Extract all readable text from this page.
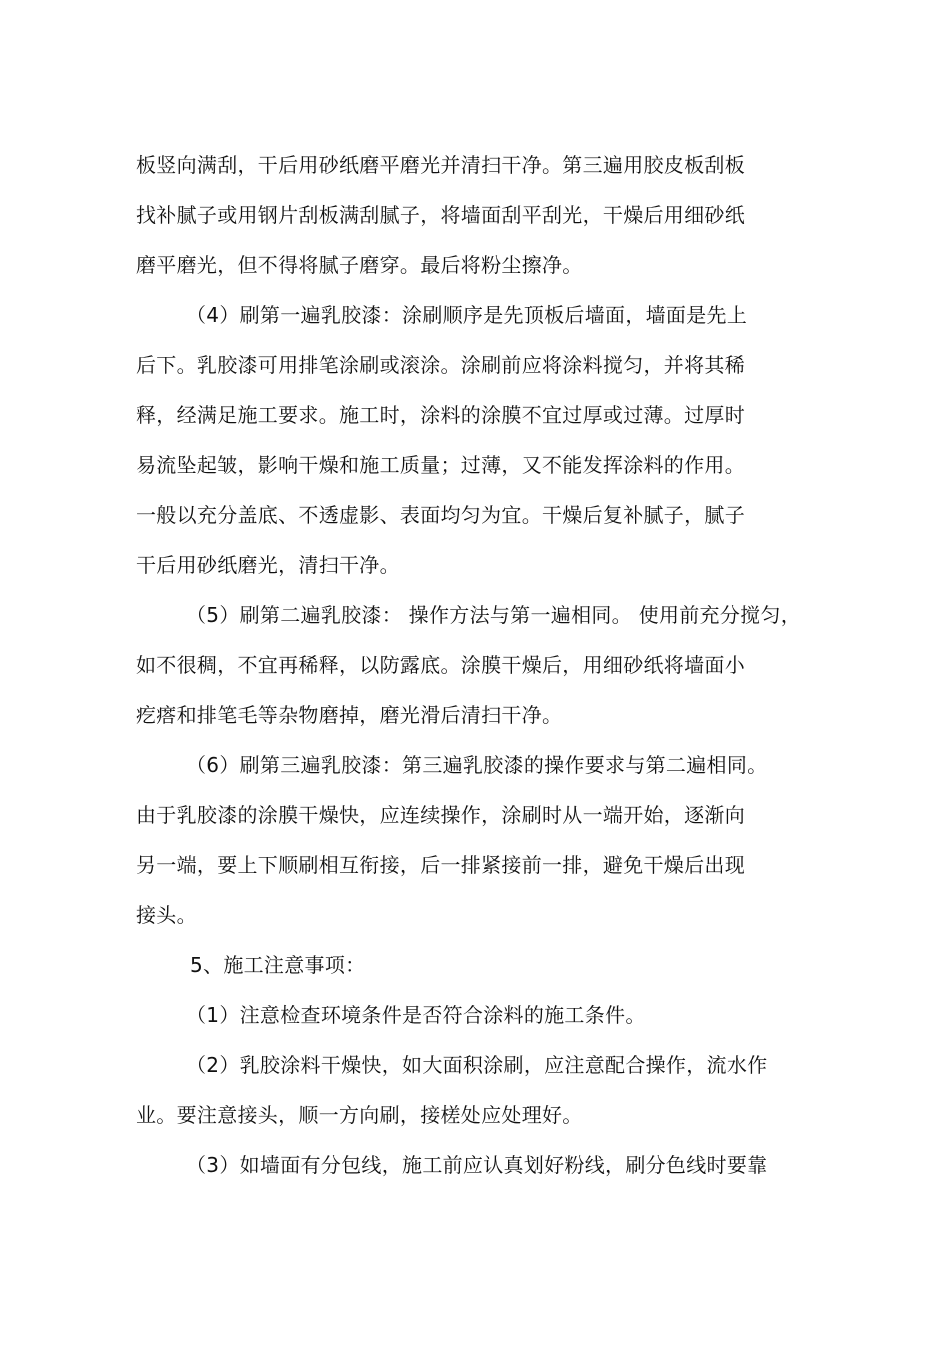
板竖向满刮，干后用砂纸磨平磨光并清扫干净。第三遍用胶皮板刮板
找补腻子或用钢片刮板满刮腻子，将墙面刮平刮光，干燥后用细砂纸
磨平磨光，但不得将腻子磨穿。最后将粉尘擦净。
（4）刷第一遍乳胶漆：涂刷顺序是先顶板后墙面，墙面是先上
后下。乳胶漆可用排笔涂刷或滚涂。涂刷前应将涂料搅匀，并将其稀
释，经满足施工要求。施工时，涂料的涂膜不宜过厚或过薄。过厚时
易流坠起皱，影响干燥和施工质量；过薄，又不能发挥涂料的作用。
一般以充分盖底、不透虚影、表面均匀为宜。干燥后复补腻子，腻子
干后用砂纸磨光，清扫干净。
（5）刷第二遍乳胶漆： 操作方法与第一遍相同。 使用前充分搅匀，
如不很稠，不宜再稀释，以防露底。涂膜干燥后，用细砂纸将墙面小
疙瘩和排笔毛等杂物磨掉，磨光滑后清扫干净。
（6）刷第三遍乳胶漆：第三遍乳胶漆的操作要求与第二遍相同。
由于乳胶漆的涂膜干燥快，应连续操作，涂刷时从一端开始，逐渐向
另一端，要上下顺刷相互衔接，后一排紧接前一排，避免干燥后出现
接头。
5、施工注意事项：
（1）注意检查环境条件是否符合涂料的施工条件。
（2）乳胶涂料干燥快，如大面积涂刷，应注意配合操作，流水作
业。要注意接头，顺一方向刷，接槎处应处理好。
（3）如墙面有分包线，施工前应认真划好粉线，刷分色线时要靠
